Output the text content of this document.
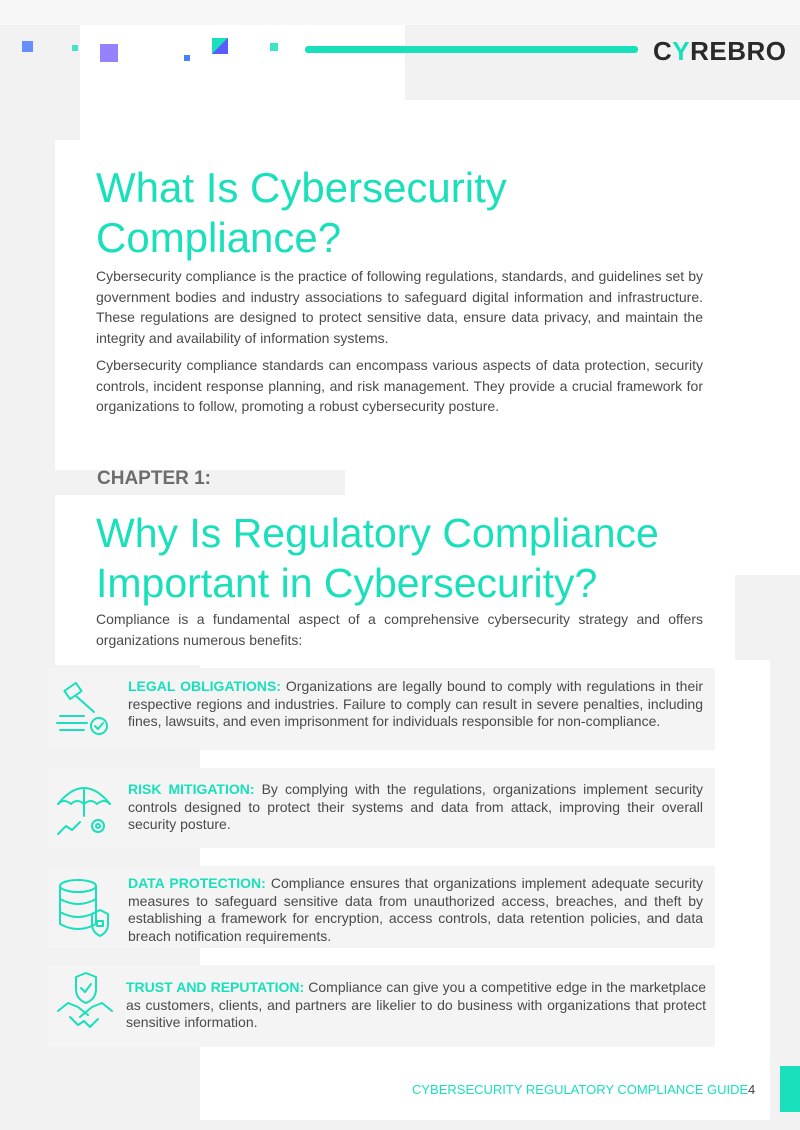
CYREBRO
What Is Cybersecurity
Compliance?

Cybersecurity compliance is the practice of following regulations, standards, and guidelines set by government bodies and industry associations to safeguard digital information and infrastructure. These regulations are designed to protect sensitive data, ensure data privacy, and maintain the integrity and availability of information systems.

Cybersecurity compliance standards can encompass various aspects of data protection, security controls, incident response planning, and risk management. They provide a crucial framework for organizations to follow, promoting a robust cybersecurity posture.

CHAPTER 1:
Why Is Regulatory Compliance
Important in Cybersecurity?

Compliance is a fundamental aspect of a comprehensive cybersecurity strategy and offers organizations numerous benefits:

LEGAL OBLIGATIONS: Organizations are legally bound to comply with regulations in their respective regions and industries. Failure to comply can result in severe penalties, including fines, lawsuits, and even imprisonment for individuals responsible for non-compliance.

RISK MITIGATION: By complying with the regulations, organizations implement security controls designed to protect their systems and data from attack, improving their overall security posture.

DATA PROTECTION: Compliance ensures that organizations implement adequate security measures to safeguard sensitive data from unauthorized access, breaches, and theft by establishing a framework for encryption, access controls, data retention policies, and data breach notification requirements.

TRUST AND REPUTATION: Compliance can give you a competitive edge in the marketplace as customers, clients, and partners are likelier to do business with organizations that protect sensitive information.

CYBERSECURITY REGULATORY COMPLIANCE GUIDE 4
